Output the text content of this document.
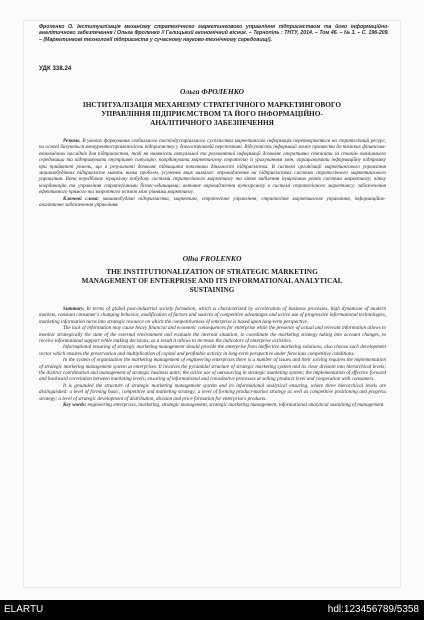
Фроленко О. Інституалізація механізму стратегічного маркетингового управління підприємством та його інформаційно-аналітичного забезпечення / Ольга Фроленко // Галицький економічний вісник. – Тернопіль : ТНТУ, 2014. – Том 46. – № 3. – С. 196-209. – (Маркетингові технології підприємств у сучасному науково-технічному середовищі).
УДК 338.24
Ольга ФРОЛЕНКО
ІНСТИТУАЛІЗАЦІЯ МЕХАНІЗМУ СТРАТЕГІЧНОГО МАРКЕТИНГОВОГО УПРАВЛІННЯ ПІДПРИЄМСТВОМ ТА ЙОГО ІНФОРМАЦІЙНО-АНАЛІТИЧНОГО ЗАБЕЗПЕЧЕННЯ

Резюме. В умовах формування глобального постіндустріального суспільства маркетингова інформація перетворюється на стратегічний ресурс, на основі базуються конкурентоспроможність підприємству у довгостроковій перспективі. Відсутність інформації може призвести до тяжких фінансово-економічних наслідків для підприємства, тоді як наявність актуальної та релевантної інформації дозволяє оперативно стежити за станом зовнішнього середовища та підтримувати внутрішню ситуацію, координувати маркетингову стратегію із урахуванням змін, опрацьовувати інформаційну підтримку при прийнятті рішень, що в результаті дозволяє підвищити показники діяльності підприємства. В системі організації маркетингового управління машинобудівних підприємств мають низка проблем, усунення яких вимагає: впровадження на підприємствах системи стратегічного маркетингового управління. Вона передбачає ієрархічну побудову системи стратегічного маркетингу та чітке виділення ієрархічних рівнів системи маркетингу; чітку координацію та управління стратегічними бізнес-одиницями; активне впровадження аутсорсингу в системі стратегічного маркетингу; забезпечення ефективного прямого та зворотного зв'язків між рівнями маркетингу.

Ключові слова: машинобудівні підприємства, маркетинг, стратегічне управління, стратегічне маркетингове управління, інформаційно-аналітичне забезпечення управління.

Olha FROLENKO
THE INSTITUTIONALIZATION OF STRATEGIC MARKETING MANAGEMENT OF ENTERPRISE AND ITS INFORMATIONAL ANALYTICAL SUSTAINING

Summary. In terms of global post-industrial society formation, which is characterized by acceleration of business processes, high dynamism of modern markets, constant consumer's changing behavior, modification of factors and sources of competitive advantages and active use of progressive informational technologies, marketing information turns into strategic resource on which the competitiveness of enterprise is based upon long-term perspective.

The lack of information may cause heavy financial and economic consequences for enterprise while the presence of actual and relevant information allows to monitor strategically the state of the external environment and evaluate the internal situation, to coordinate the marketing strategy taking into account changes, to receive informational support while making decisions, as a result it allows to increase the indicators of enterprise activities.

Informational ensuring of strategic marketing management should provide the enterprise from ineffective marketing solutions; also choose such development vector which ensures the preservation and multiplication of capital and profitable activity in long-term perspective under ferocious competitive conditions.

In the system of organization the marketing management of engineering enterprises there is a number of issues and their solving requires the implementation of strategic marketing management system at enterprises. It involves the pyramidal structure of strategic marketing system and its clear division into hierarchical levels; the distinct coordination and management of strategic business units; the active use of outsourcing in strategic marketing system; the implementation of effective forward and backward correlation between marketing levels; ensuring of informational and consultative processes at selling products level and cooperation with consumers.

It is grounded the structure of strategic marketing management system and its informational analytical ensuring, where three hierarchical levels are distinguished: a level of forming basic, competitive and marketing strategy; a level of forming product-market strategy as well as competitive positioning and progress strategy; a level of strategic development of distribution, division and price formation for enterprise's products.

Key words: engineering enterprises, marketing, strategic management, strategic marketing management, informational analytical sustaining of management.

ELARTU	hdl:123456789/5358
